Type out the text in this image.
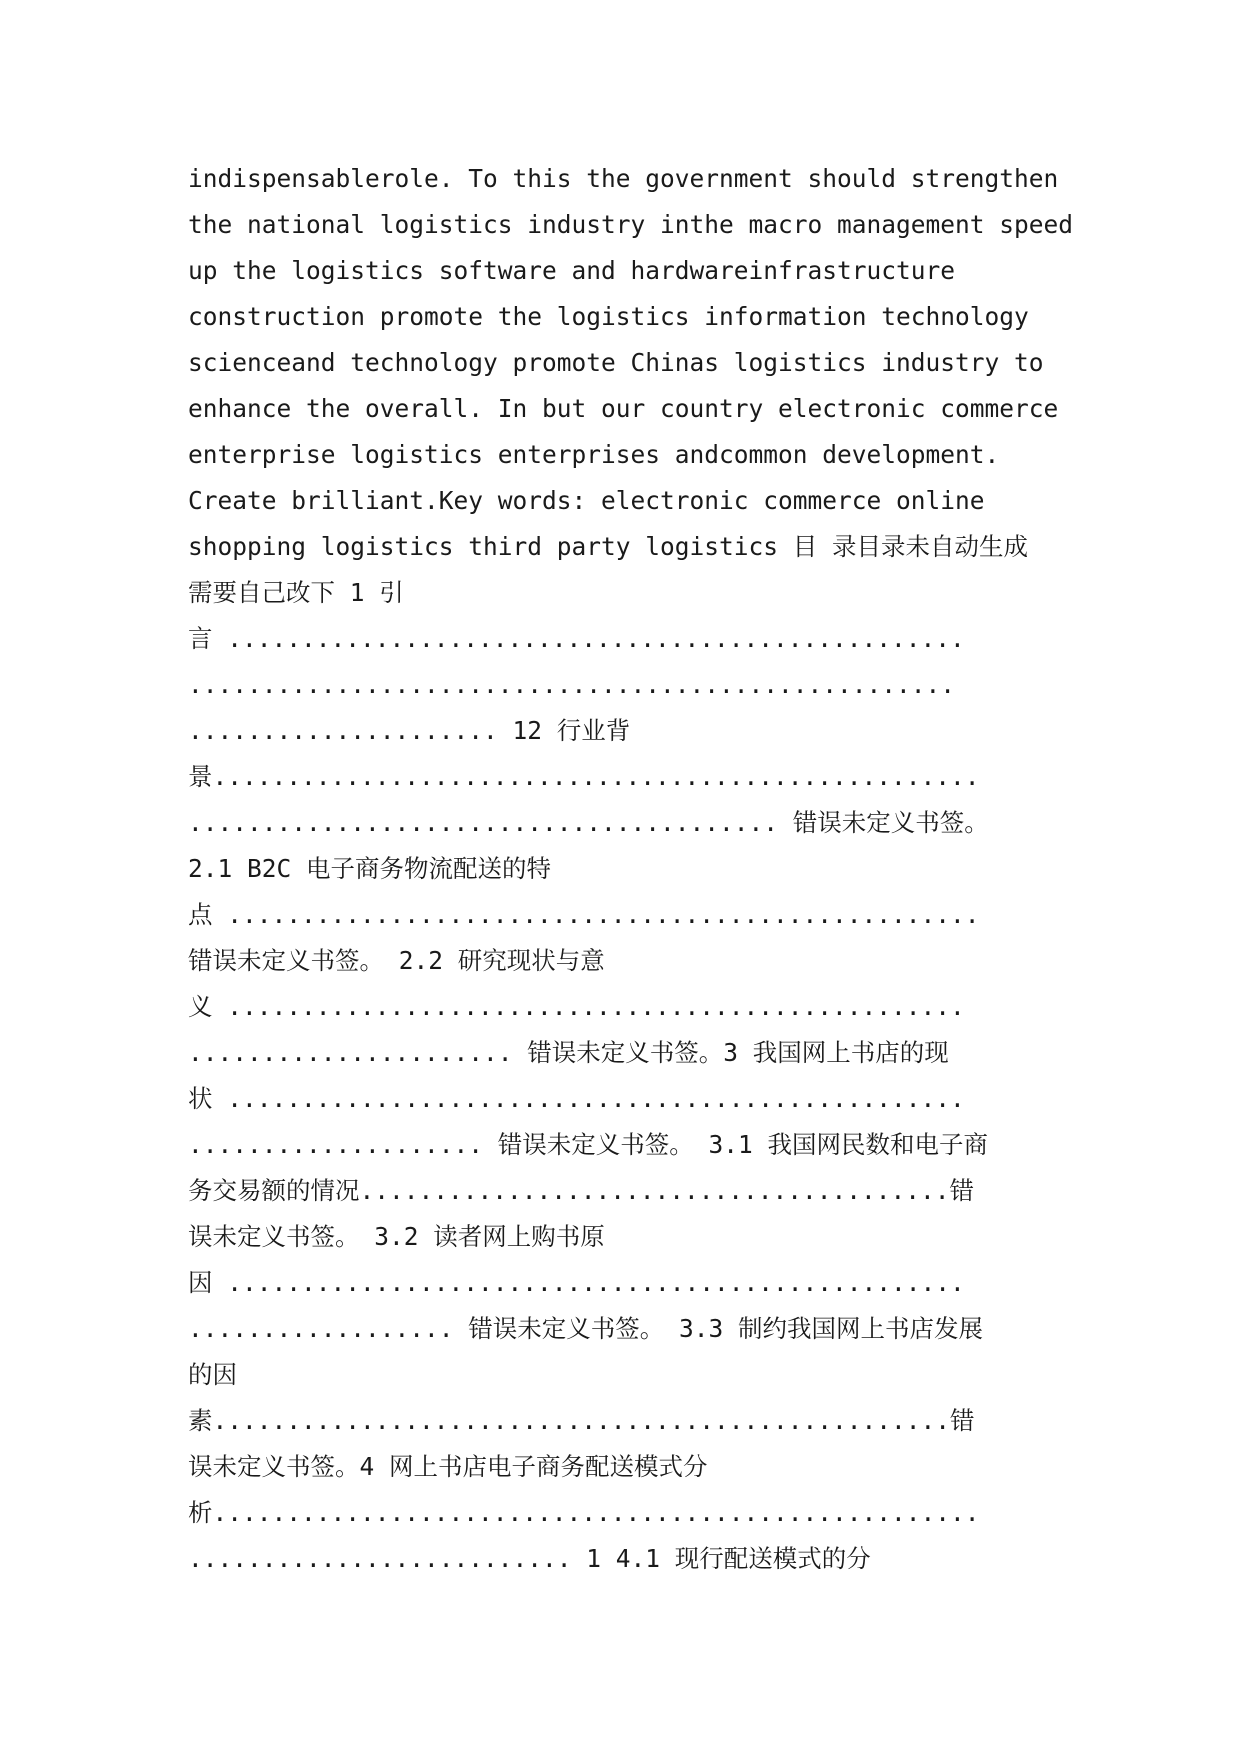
indispensablerole. To this the government should strengthen
the national logistics industry inthe macro management speed
up the logistics software and hardwareinfrastructure
construction promote the logistics information technology
scienceand technology promote Chinas logistics industry to
enhance the overall. In but our country electronic commerce
enterprise logistics enterprises andcommon development.
Create brilliant.Key words: electronic commerce online
shopping logistics third party logistics 目 录目录未自动生成
需要自己改下 1 引
言 ..................................................
....................................................
..................... 12 行业背
景....................................................
........................................ 错误未定义书签。
2.1 B2C 电子商务物流配送的特
点 ...................................................
错误未定义书签。 2.2 研究现状与意
义 ..................................................
...................... 错误未定义书签。3 我国网上书店的现
状 ..................................................
.................... 错误未定义书签。 3.1 我国网民数和电子商
务交易额的情况........................................错
误未定义书签。 3.2 读者网上购书原
因 ..................................................
.................. 错误未定义书签。 3.3 制约我国网上书店发展
的因
素..................................................错
误未定义书签。4 网上书店电子商务配送模式分
析....................................................
.......................... 1 4.1 现行配送模式的分
